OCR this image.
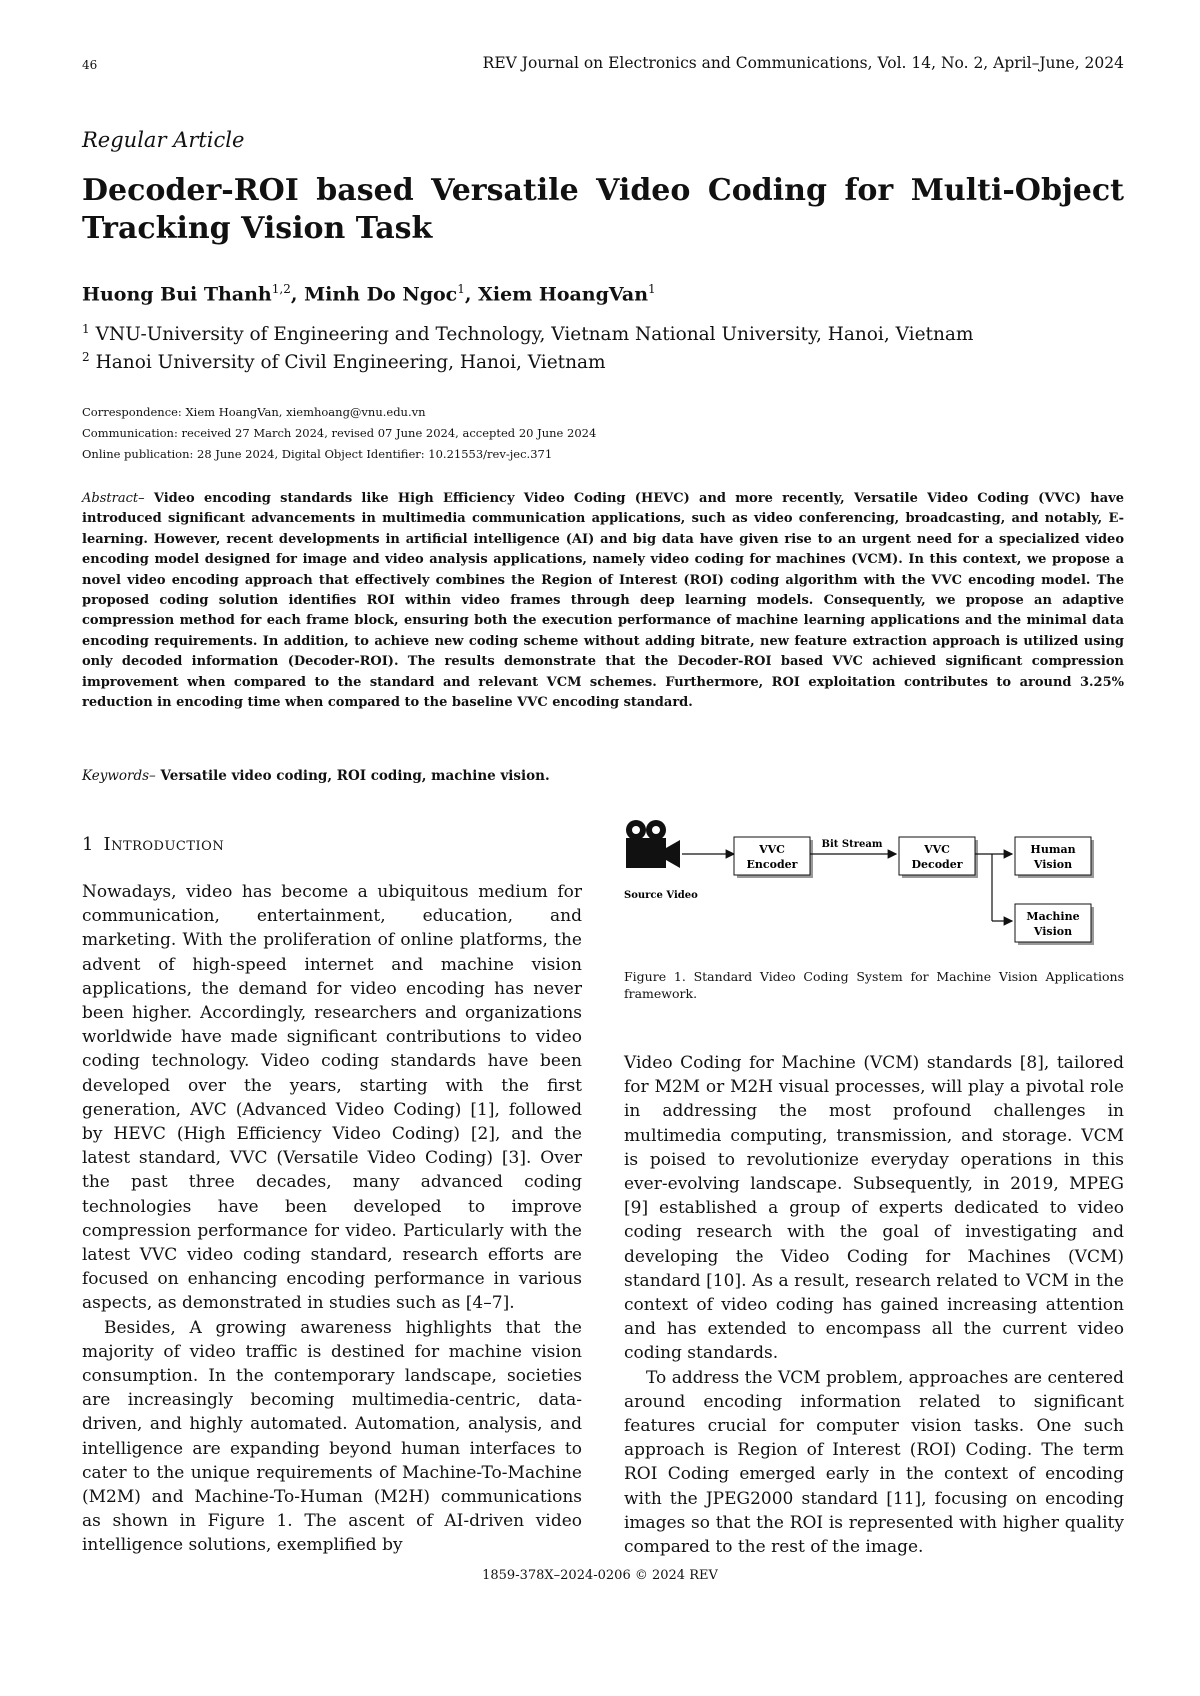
46	REV Journal on Electronics and Communications, Vol. 14, No. 2, April–June, 2024
Regular Article
Decoder-ROI based Versatile Video Coding for Multi-Object Tracking Vision Task
Huong Bui Thanh$^{1,2}$, Minh Do Ngoc$^1$, Xiem HoangVan$^1$
$^1$ VNU-University of Engineering and Technology, Vietnam National University, Hanoi, Vietnam
$^2$ Hanoi University of Civil Engineering, Hanoi, Vietnam
Correspondence: Xiem HoangVan, xiemhoang@vnu.edu.vn
Communication: received 27 March 2024, revised 07 June 2024, accepted 20 June 2024
Online publication: 28 June 2024, Digital Object Identifier: 10.21553/rev-jec.371

Abstract– Video encoding standards like High Efficiency Video Coding (HEVC) and more recently, Versatile Video Coding (VVC) have introduced significant advancements in multimedia communication applications, such as video conferencing, broadcasting, and notably, E-learning. However, recent developments in artificial intelligence (AI) and big data have given rise to an urgent need for a specialized video encoding model designed for image and video analysis applications, namely video coding for machines (VCM). In this context, we propose a novel video encoding approach that effectively combines the Region of Interest (ROI) coding algorithm with the VVC encoding model. The proposed coding solution identifies ROI within video frames through deep learning models. Consequently, we propose an adaptive compression method for each frame block, ensuring both the execution performance of machine learning applications and the minimal data encoding requirements. In addition, to achieve new coding scheme without adding bitrate, new feature extraction approach is utilized using only decoded information (Decoder-ROI). The results demonstrate that the Decoder-ROI based VVC achieved significant compression improvement when compared to the standard and relevant VCM schemes. Furthermore, ROI exploitation contributes to around 3.25% reduction in encoding time when compared to the baseline VVC encoding standard.

Keywords– Versatile video coding, ROI coding, machine vision.
1 Introduction

Nowadays, video has become a ubiquitous medium for communication, entertainment, education, and marketing. With the proliferation of online platforms, the advent of high-speed internet and machine vision applications, the demand for video encoding has never been higher. Accordingly, researchers and organizations worldwide have made significant contributions to video coding technology. Video coding standards have been developed over the years, starting with the first generation, AVC (Advanced Video Coding) [1], followed by HEVC (High Efficiency Video Coding) [2], and the latest standard, VVC (Versatile Video Coding) [3]. Over the past three decades, many advanced coding technologies have been developed to improve compression performance for video. Particularly with the latest VVC video coding standard, research efforts are focused on enhancing encoding performance in various aspects, as demonstrated in studies such as [4–7].

Besides, A growing awareness highlights that the majority of video traffic is destined for machine vision consumption. In the contemporary landscape, societies are increasingly becoming multimedia-centric, data-driven, and highly automated. Automation, analysis, and intelligence are expanding beyond human interfaces to cater to the unique requirements of Machine-To-Machine (M2M) and Machine-To-Human (M2H) communications as shown in Figure 1. The ascent of AI-driven video intelligence solutions, exemplified by

Source Video
VVC
Encoder
Bit Stream	VVC
Decoder
Human
Vision
Machine
Vision

Figure 1. Standard Video Coding System for Machine Vision Applications framework.

Video Coding for Machine (VCM) standards [8], tailored for M2M or M2H visual processes, will play a pivotal role in addressing the most profound challenges in multimedia computing, transmission, and storage. VCM is poised to revolutionize everyday operations in this ever-evolving landscape. Subsequently, in 2019, MPEG [9] established a group of experts dedicated to video coding research with the goal of investigating and developing the Video Coding for Machines (VCM) standard [10]. As a result, research related to VCM in the context of video coding has gained increasing attention and has extended to encompass all the current video coding standards.

To address the VCM problem, approaches are centered around encoding information related to significant features crucial for computer vision tasks. One such approach is Region of Interest (ROI) Coding. The term ROI Coding emerged early in the context of encoding with the JPEG2000 standard [11], focusing on encoding images so that the ROI is represented with higher quality compared to the rest of the image.

1859-378X–2024-0206 © 2024 REV
